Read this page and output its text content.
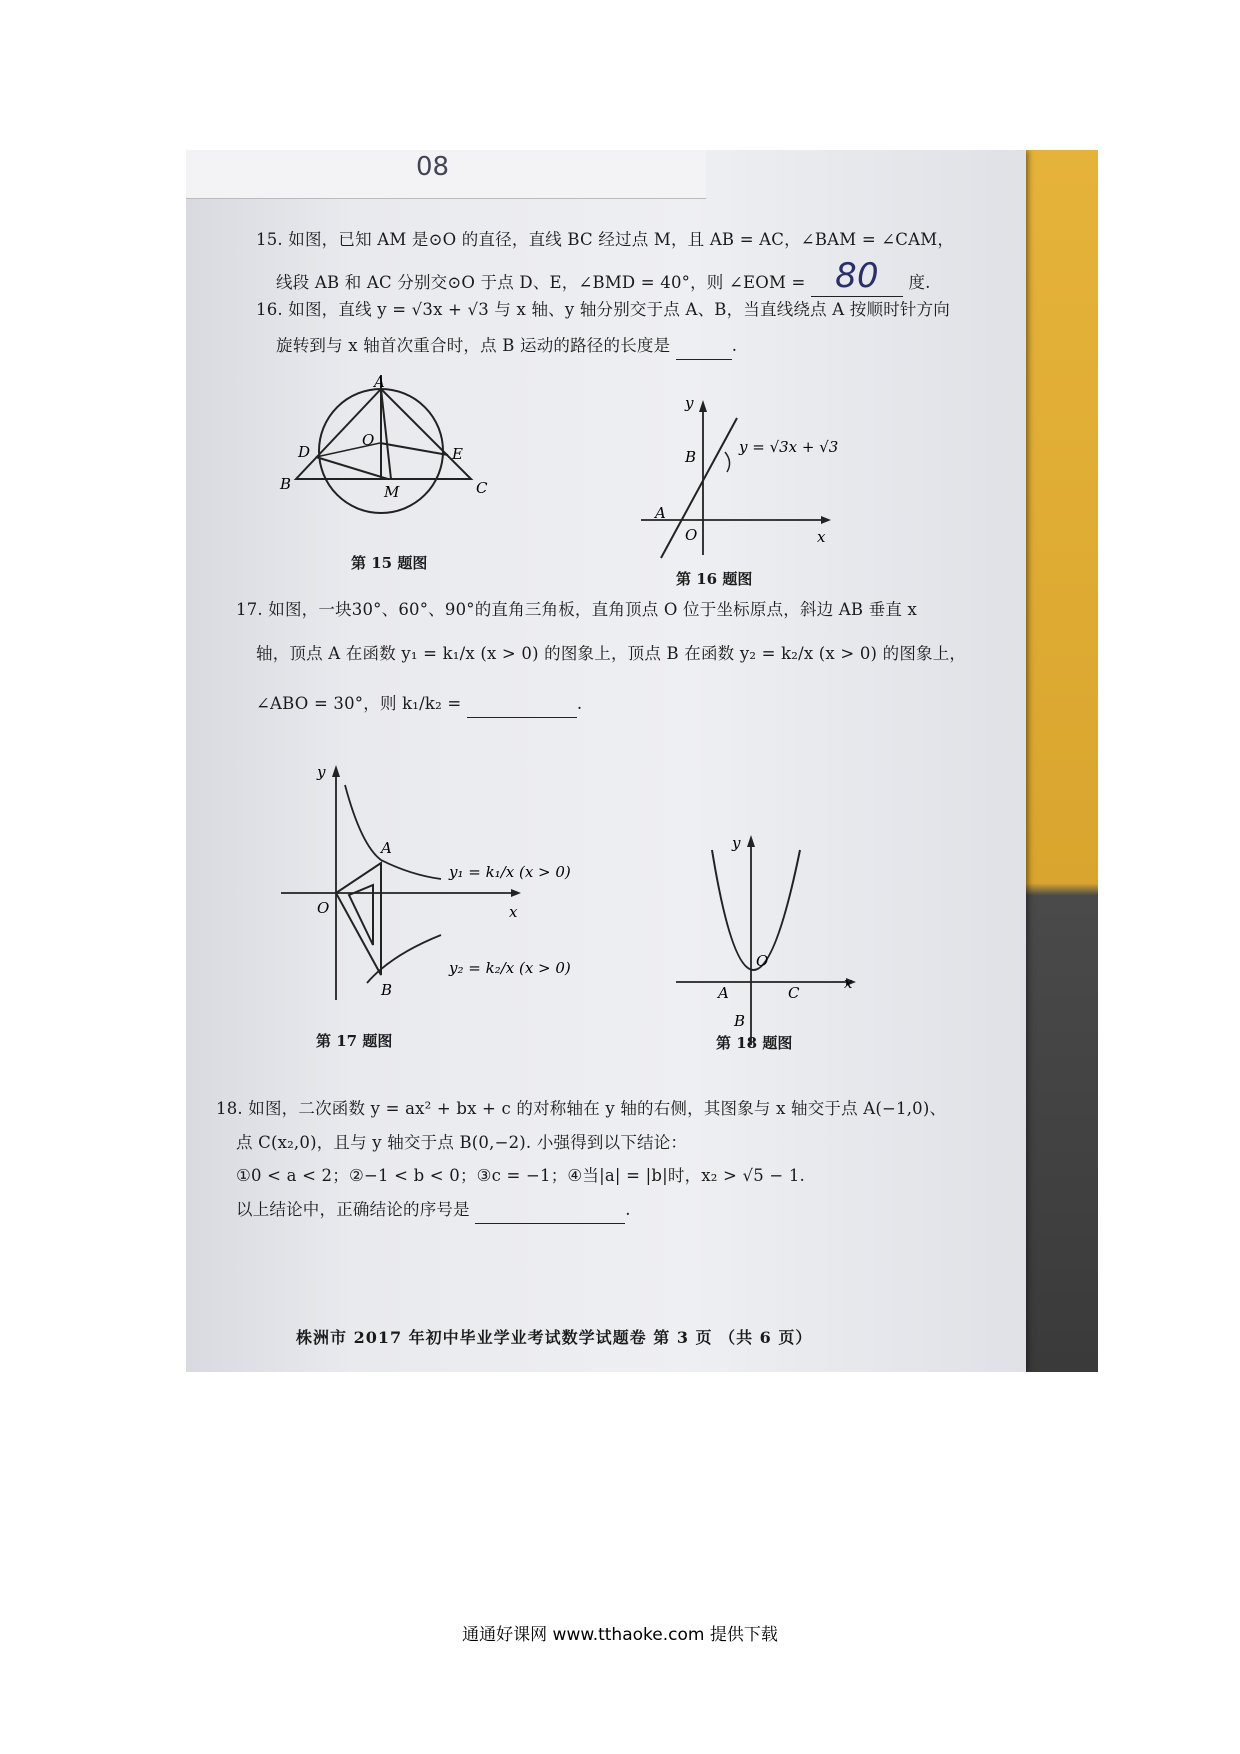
08
15. 如图，已知 AM 是⊙O 的直径，直线 BC 经过点 M，且 AB = AC，∠BAM = ∠CAM，
线段 AB 和 AC 分别交⊙O 于点 D、E，∠BMD = 40°，则 ∠EOM = 80 度.
16. 如图，直线 y = √3x + √3 与 x 轴、y 轴分别交于点 A、B，当直线绕点 A 按顺时针方向
旋转到与 x 轴首次重合时，点 B 运动的路径的长度是	.
A
O
D	E
B	M	C
第 15 题图
y
B
A
O	x
y = √3x + √3
第 16 题图
17. 如图，一块30°、60°、90°的直角三角板，直角顶点 O 位于坐标原点，斜边 AB 垂直 x
轴，顶点 A 在函数 y₁ = k₁/x (x > 0) 的图象上，顶点 B 在函数 y₂ = k₂/x (x > 0) 的图象上，
∠ABO = 30°，则 k₁/k₂ =	.
y
A
O	x
B
y₁ = k₁/x (x > 0)
y₂ = k₂/x (x > 0)
第 17 题图
y
O
A	C
x
B
第 18 题图
18. 如图，二次函数 y = ax² + bx + c 的对称轴在 y 轴的右侧，其图象与 x 轴交于点 A(−1,0)、
点 C(x₂,0)，且与 y 轴交于点 B(0,−2). 小强得到以下结论：
①0 < a < 2；②−1 < b < 0；③c = −1；④当|a| = |b|时，x₂ > √5 − 1.
以上结论中，正确结论的序号是	.
株洲市 2017 年初中毕业学业考试数学试题卷 第 3 页 （共 6 页）
通通好课网 www.tthaoke.com 提供下载
